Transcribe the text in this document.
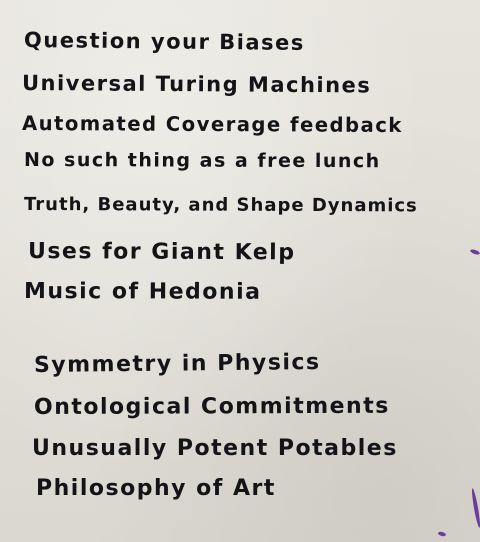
Question your Biases

Universal Turing Machines

Automated Coverage feedback

No such thing as a free lunch

Truth, Beauty, and Shape Dynamics

Uses for Giant Kelp

Music of Hedonia

Symmetry in Physics

Ontological Commitments

Unusually Potent Potables

Philosophy of Art
